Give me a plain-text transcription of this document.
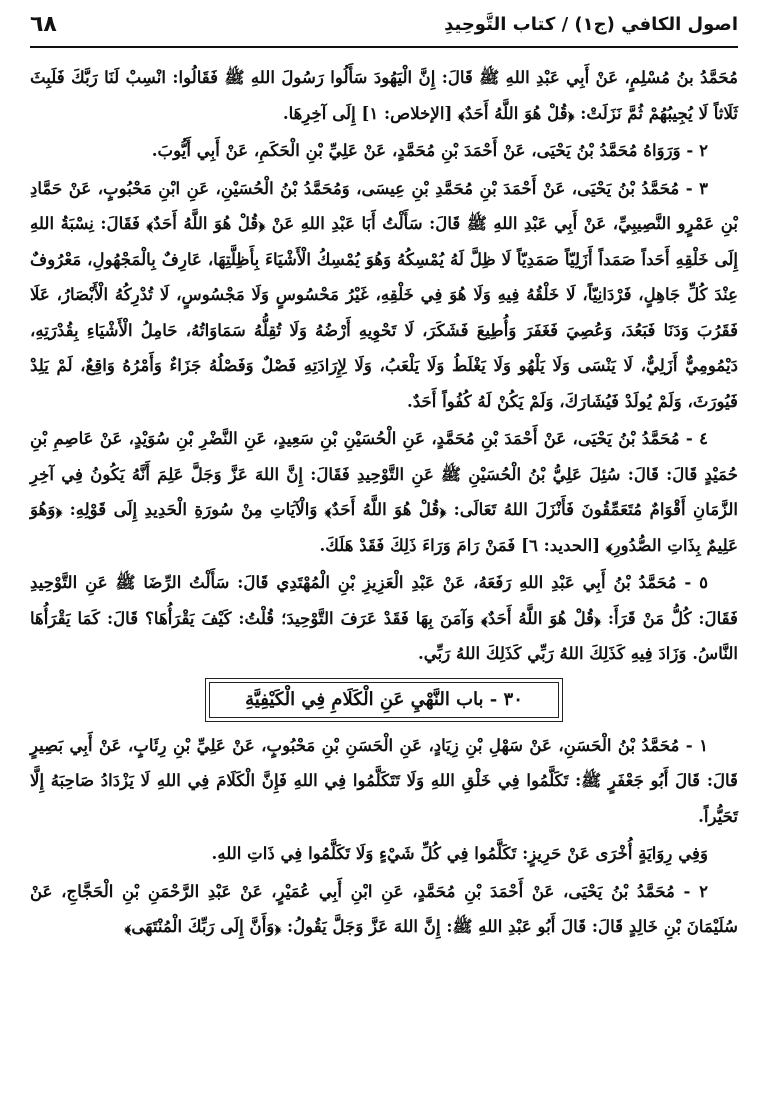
اصول الكافي (ج١) / كتاب التَّوحِيدِ
٦٨

مُحَمَّدُ بنُ مُسْلِمٍ، عَنْ أَبِي عَبْدِ اللهِ ﷺ قَالَ: إِنَّ الْيَهُودَ سَأَلُوا رَسُولَ اللهِ ﷺ فَقَالُوا: انْسِبْ لَنَا رَبَّكَ فَلَبِثَ ثَلَاثاً لَا يُجِيبُهُمْ ثُمَّ نَزَلَتْ: ﴿قُلْ هُوَ اللَّهُ أَحَدٌ﴾ [الإخلاص: ١] إِلَى آخِرِهَا.

٢ - وَرَوَاهُ مُحَمَّدُ بْنُ يَحْيَى، عَنْ أَحْمَدَ بْنِ مُحَمَّدٍ، عَنْ عَلِيِّ بْنِ الْحَكَمِ، عَنْ أَبِي أَيُّوبَ.

٣ - مُحَمَّدُ بْنُ يَحْيَى، عَنْ أَحْمَدَ بْنِ مُحَمَّدِ بْنِ عِيسَى، وَمُحَمَّدُ بْنُ الْحُسَيْنِ، عَنِ ابْنِ مَحْبُوبٍ، عَنْ حَمَّادِ بْنِ عَمْرٍو النَّصِيبِيِّ، عَنْ أَبِي عَبْدِ اللهِ ﷺ قَالَ: سَأَلْتُ أَبَا عَبْدِ اللهِ عَنْ ﴿قُلْ هُوَ اللَّهُ أَحَدٌ﴾ فَقَالَ: نِسْبَةُ اللهِ إِلَى خَلْقِهِ أَحَداً صَمَداً أَزَلِيّاً صَمَدِيّاً لَا ظِلَّ لَهُ يُمْسِكُهُ وَهُوَ يُمْسِكُ الْأَشْيَاءَ بِأَظِلَّتِهَا، عَارِفٌ بِالْمَجْهُولِ، مَعْرُوفٌ عِنْدَ كُلِّ جَاهِلٍ، فَرْدَانِيّاً، لَا خَلْقُهُ فِيهِ وَلَا هُوَ فِي خَلْقِهِ، غَيْرُ مَحْسُوسٍ وَلَا مَجْسُوسٍ، لَا تُدْرِكُهُ الْأَبْصَارُ، عَلَا فَقَرُبَ وَدَنَا فَبَعُدَ، وَعُصِيَ فَغَفَرَ وَأُطِيعَ فَشَكَرَ، لَا تَحْوِيهِ أَرْضُهُ وَلَا تُقِلُّهُ سَمَاوَاتُهُ، حَامِلُ الْأَشْيَاءِ بِقُدْرَتِهِ، دَيْمُومِيٌّ أَزَلِيٌّ، لَا يَنْسَى وَلَا يَلْهُو وَلَا يَغْلَطُ وَلَا يَلْعَبُ، وَلَا لِإِرَادَتِهِ فَصْلٌ وَفَصْلُهُ جَزَاءٌ وَأَمْرُهُ وَاقِعٌ، لَمْ يَلِدْ فَيُورَثَ، وَلَمْ يُولَدْ فَيُشَارَكَ، وَلَمْ يَكُنْ لَهُ كُفُواً أَحَدٌ.

٤ - مُحَمَّدُ بْنُ يَحْيَى، عَنْ أَحْمَدَ بْنِ مُحَمَّدٍ، عَنِ الْحُسَيْنِ بْنِ سَعِيدٍ، عَنِ النَّضْرِ بْنِ سُوَيْدٍ، عَنْ عَاصِمِ بْنِ حُمَيْدٍ قَالَ: قَالَ: سُئِلَ عَلِيُّ بْنُ الْحُسَيْنِ ﷺ عَنِ التَّوْحِيدِ فَقَالَ: إِنَّ اللهَ عَزَّ وَجَلَّ عَلِمَ أَنَّهُ يَكُونُ فِي آخِرِ الزَّمَانِ أَقْوَامٌ مُتَعَمِّقُونَ فَأَنْزَلَ اللهُ تَعَالَى: ﴿قُلْ هُوَ اللَّهُ أَحَدٌ﴾ وَالْآيَاتِ مِنْ سُورَةِ الْحَدِيدِ إِلَى قَوْلِهِ: ﴿وَهُوَ عَلِيمٌ بِذَاتِ الصُّدُورِ﴾ [الحديد: ٦] فَمَنْ رَامَ وَرَاءَ ذَلِكَ فَقَدْ هَلَكَ.

٥ - مُحَمَّدُ بْنُ أَبِي عَبْدِ اللهِ رَفَعَهُ، عَنْ عَبْدِ الْعَزِيزِ بْنِ الْمُهْتَدِي قَالَ: سَأَلْتُ الرِّضَا ﷺ عَنِ التَّوْحِيدِ فَقَالَ: كُلُّ مَنْ قَرَأَ: ﴿قُلْ هُوَ اللَّهُ أَحَدٌ﴾ وَآمَنَ بِهَا فَقَدْ عَرَفَ التَّوْحِيدَ؛ قُلْتُ: كَيْفَ يَقْرَأُهَا؟ قَالَ: كَمَا يَقْرَأُهَا النَّاسُ. وَزَادَ فِيهِ كَذَلِكَ اللهُ رَبِّي كَذَلِكَ اللهُ رَبِّي.

٣٠ - باب النَّهْيِ عَنِ الْكَلَامِ فِي الْكَيْفِيَّةِ

١ - مُحَمَّدُ بْنُ الْحَسَنِ، عَنْ سَهْلِ بْنِ زِيَادٍ، عَنِ الْحَسَنِ بْنِ مَحْبُوبٍ، عَنْ عَلِيِّ بْنِ رِئَابٍ، عَنْ أَبِي بَصِيرٍ قَالَ: قَالَ أَبُو جَعْفَرٍ ﷺ: تَكَلَّمُوا فِي خَلْقِ اللهِ وَلَا تَتَكَلَّمُوا فِي اللهِ فَإِنَّ الْكَلَامَ فِي اللهِ لَا يَزْدَادُ صَاحِبَهُ إِلَّا تَحَيُّراً.

وَفِي رِوَايَةٍ أُخْرَى عَنْ حَرِيزٍ: تَكَلَّمُوا فِي كُلِّ شَيْءٍ وَلَا تَكَلَّمُوا فِي ذَاتِ اللهِ.

٢ - مُحَمَّدُ بْنُ يَحْيَى، عَنْ أَحْمَدَ بْنِ مُحَمَّدٍ، عَنِ ابْنِ أَبِي عُمَيْرٍ، عَنْ عَبْدِ الرَّحْمَنِ بْنِ الْحَجَّاجِ، عَنْ سُلَيْمَانَ بْنِ خَالِدٍ قَالَ: قَالَ أَبُو عَبْدِ اللهِ ﷺ: إِنَّ اللهَ عَزَّ وَجَلَّ يَقُولُ: ﴿وَأَنَّ إِلَى رَبِّكَ الْمُنْتَهَى﴾
